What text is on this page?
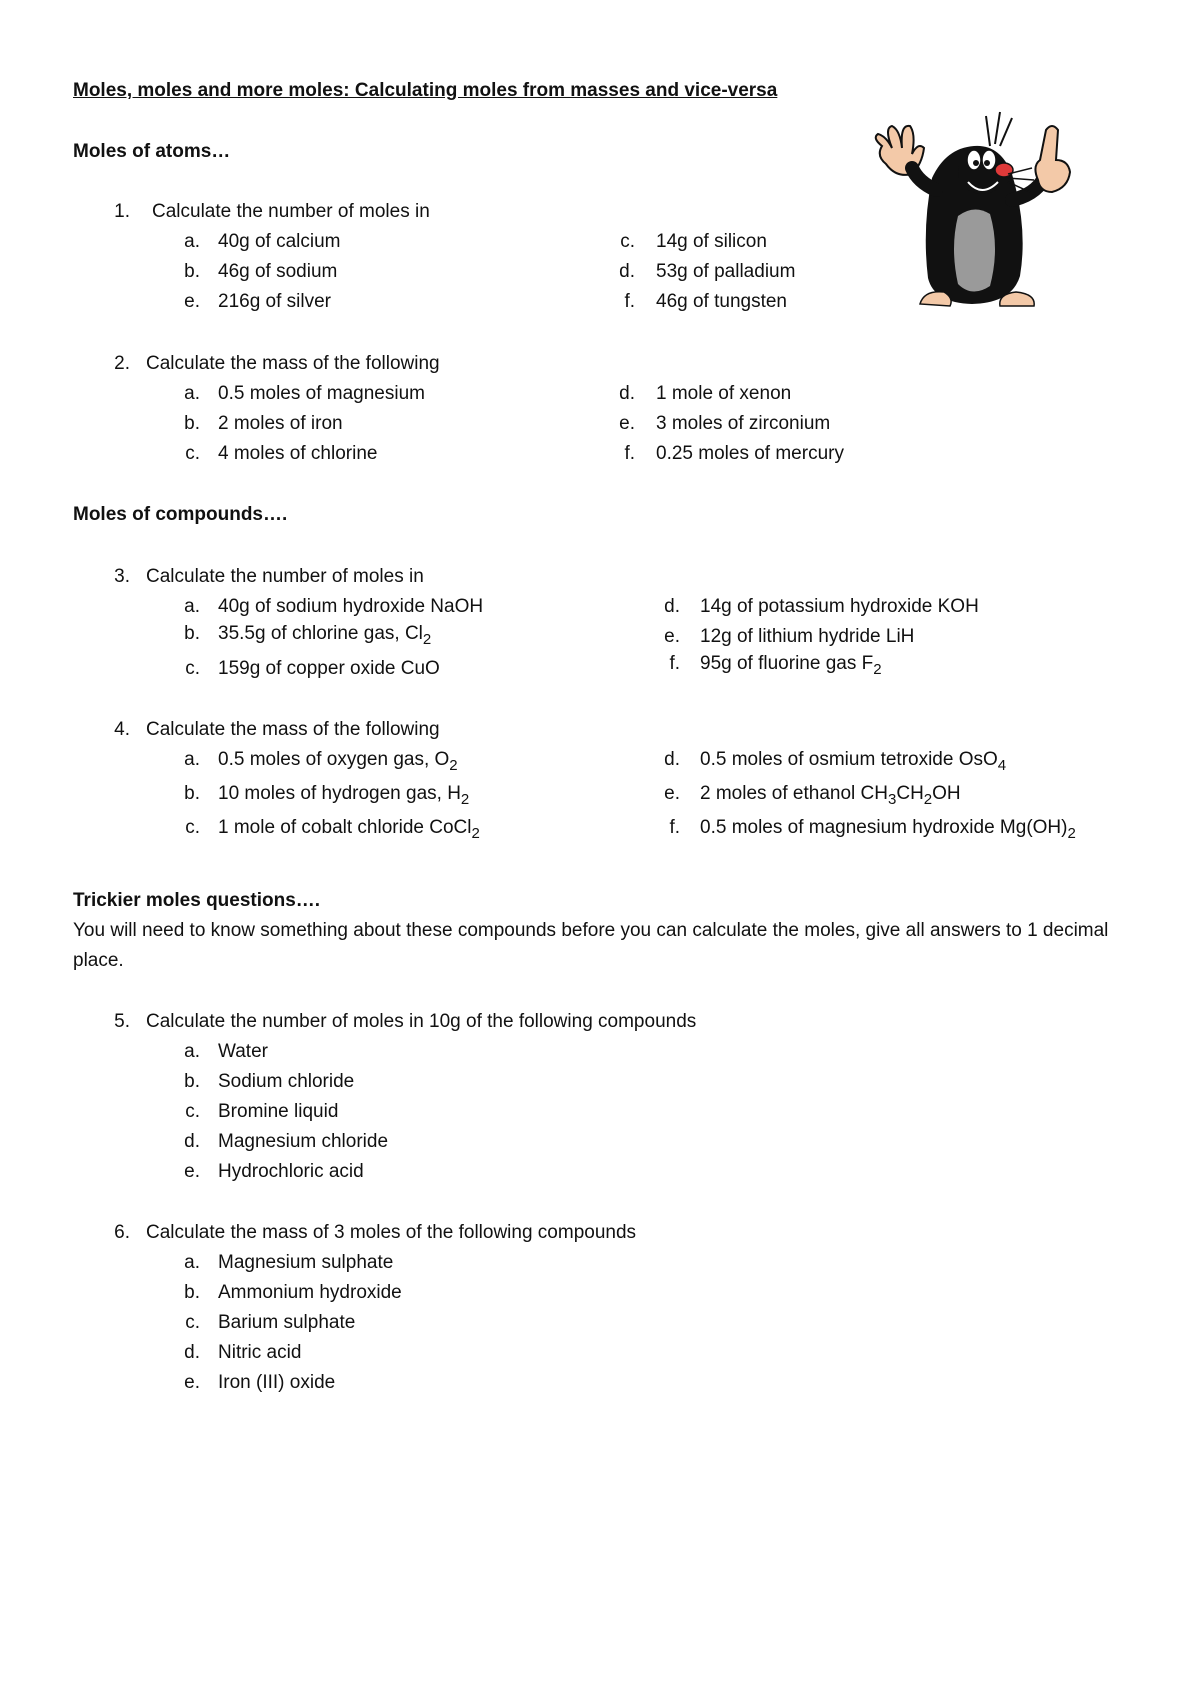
Moles, moles and more moles: Calculating moles from masses and vice-versa
Moles of atoms…
1. Calculate the number of moles in
a. 40g of calcium
b. 46g of sodium
e. 216g of silver
c. 14g of silicon
d. 53g of palladium
f. 46g of tungsten
2. Calculate the mass of the following
a. 0.5 moles of magnesium
b. 2 moles of iron
c. 4 moles of chlorine
d. 1 mole of xenon
e. 3 moles of zirconium
f. 0.25 moles of mercury
Moles of compounds….
3. Calculate the number of moles in
a. 40g of sodium hydroxide NaOH
b. 35.5g of chlorine gas, $Cl_2$
c. 159g of copper oxide CuO
d. 14g of potassium hydroxide KOH
e. 12g of lithium hydride LiH
f. 95g of fluorine gas $F_2$
4. Calculate the mass of the following
a. 0.5 moles of oxygen gas, $O_2$
b. 10 moles of hydrogen gas, $H_2$
c. 1 mole of cobalt chloride CoCl$_2$
d. 0.5 moles of osmium tetroxide OsO$_4$
e. 2 moles of ethanol $CH_3CH_2OH$
f. 0.5 moles of magnesium hydroxide $Mg(OH)_2$
Trickier moles questions….
You will need to know something about these compounds before you can calculate the moles, give all answers to 1 decimal place.
5. Calculate the number of moles in 10g of the following compounds
a. Water
b. Sodium chloride
c. Bromine liquid
d. Magnesium chloride
e. Hydrochloric acid
6. Calculate the mass of 3 moles of the following compounds
a. Magnesium sulphate
b. Ammonium hydroxide
c. Barium sulphate
d. Nitric acid
e. Iron (III) oxide
